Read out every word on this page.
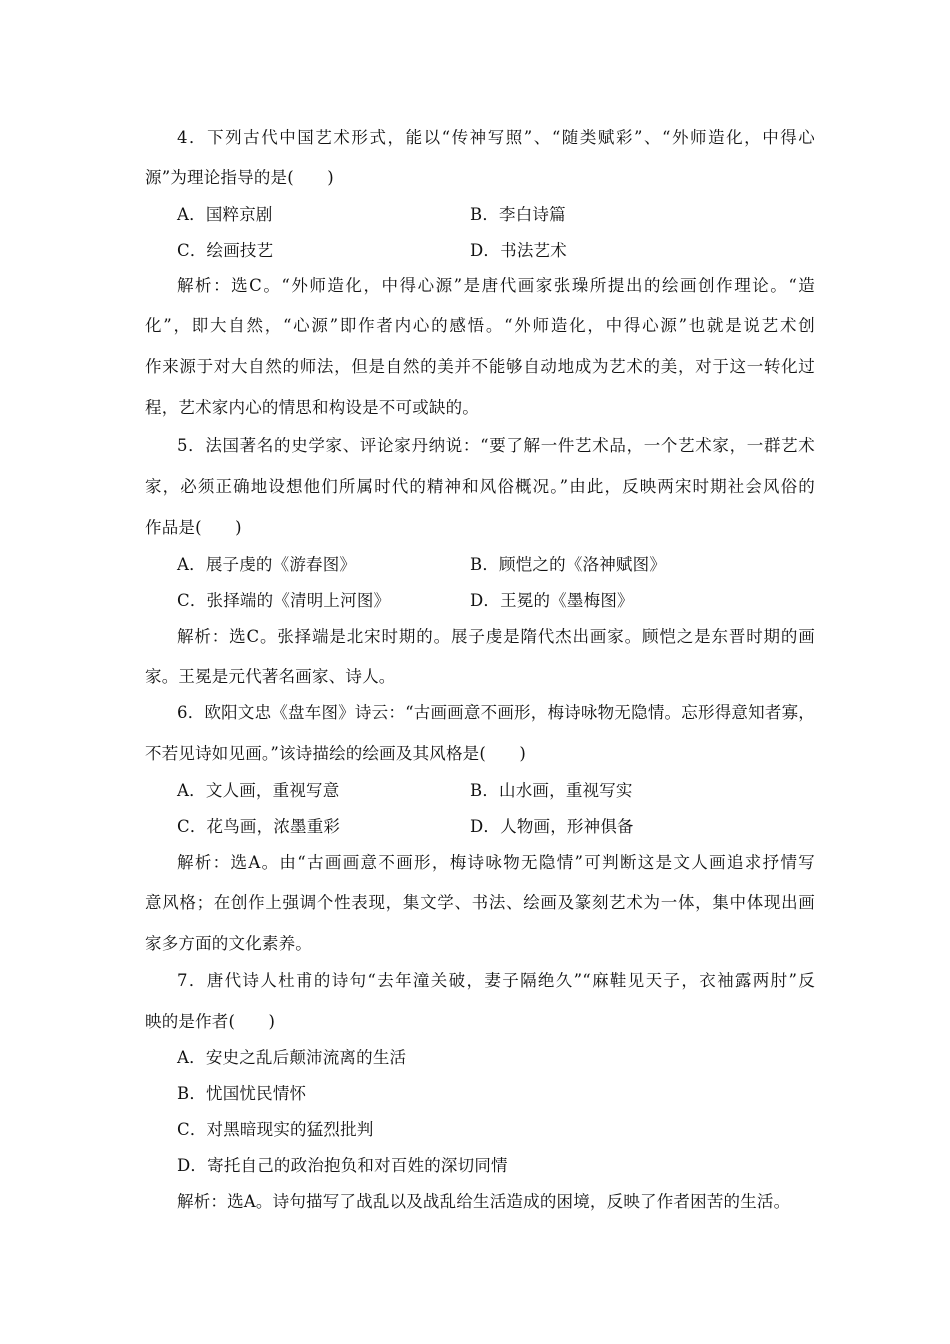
4．下列古代中国艺术形式，能以“传神写照”、“随类赋彩”、“外师造化，中得心
源”为理论指导的是(　　)
A．国粹京剧	B．李白诗篇
C．绘画技艺	D．书法艺术
解析：选C。“外师造化，中得心源”是唐代画家张璪所提出的绘画创作理论。“造
化”，即大自然，“心源”即作者内心的感悟。“外师造化，中得心源”也就是说艺术创
作来源于对大自然的师法，但是自然的美并不能够自动地成为艺术的美，对于这一转化过
程，艺术家内心的情思和构设是不可或缺的。
5．法国著名的史学家、评论家丹纳说：“要了解一件艺术品，一个艺术家，一群艺术
家，必须正确地设想他们所属时代的精神和风俗概况。”由此，反映两宋时期社会风俗的
作品是(　　)
A．展子虔的《游春图》	B．顾恺之的《洛神赋图》
C．张择端的《清明上河图》	D．王冕的《墨梅图》
解析：选C。张择端是北宋时期的。展子虔是隋代杰出画家。顾恺之是东晋时期的画
家。王冕是元代著名画家、诗人。
6．欧阳文忠《盘车图》诗云：“古画画意不画形，梅诗咏物无隐情。忘形得意知者寡，
不若见诗如见画。”该诗描绘的绘画及其风格是(　　)
A．文人画，重视写意	B．山水画，重视写实
C．花鸟画，浓墨重彩	D．人物画，形神俱备
解析：选A。由“古画画意不画形，梅诗咏物无隐情”可判断这是文人画追求抒情写
意风格；在创作上强调个性表现，集文学、书法、绘画及篆刻艺术为一体，集中体现出画
家多方面的文化素养。
7．唐代诗人杜甫的诗句“去年潼关破，妻子隔绝久”“麻鞋见天子，衣袖露两肘”反
映的是作者(　　)
A．安史之乱后颠沛流离的生活
B．忧国忧民情怀
C．对黑暗现实的猛烈批判
D．寄托自己的政治抱负和对百姓的深切同情
解析：选A。诗句描写了战乱以及战乱给生活造成的困境，反映了作者困苦的生活。
